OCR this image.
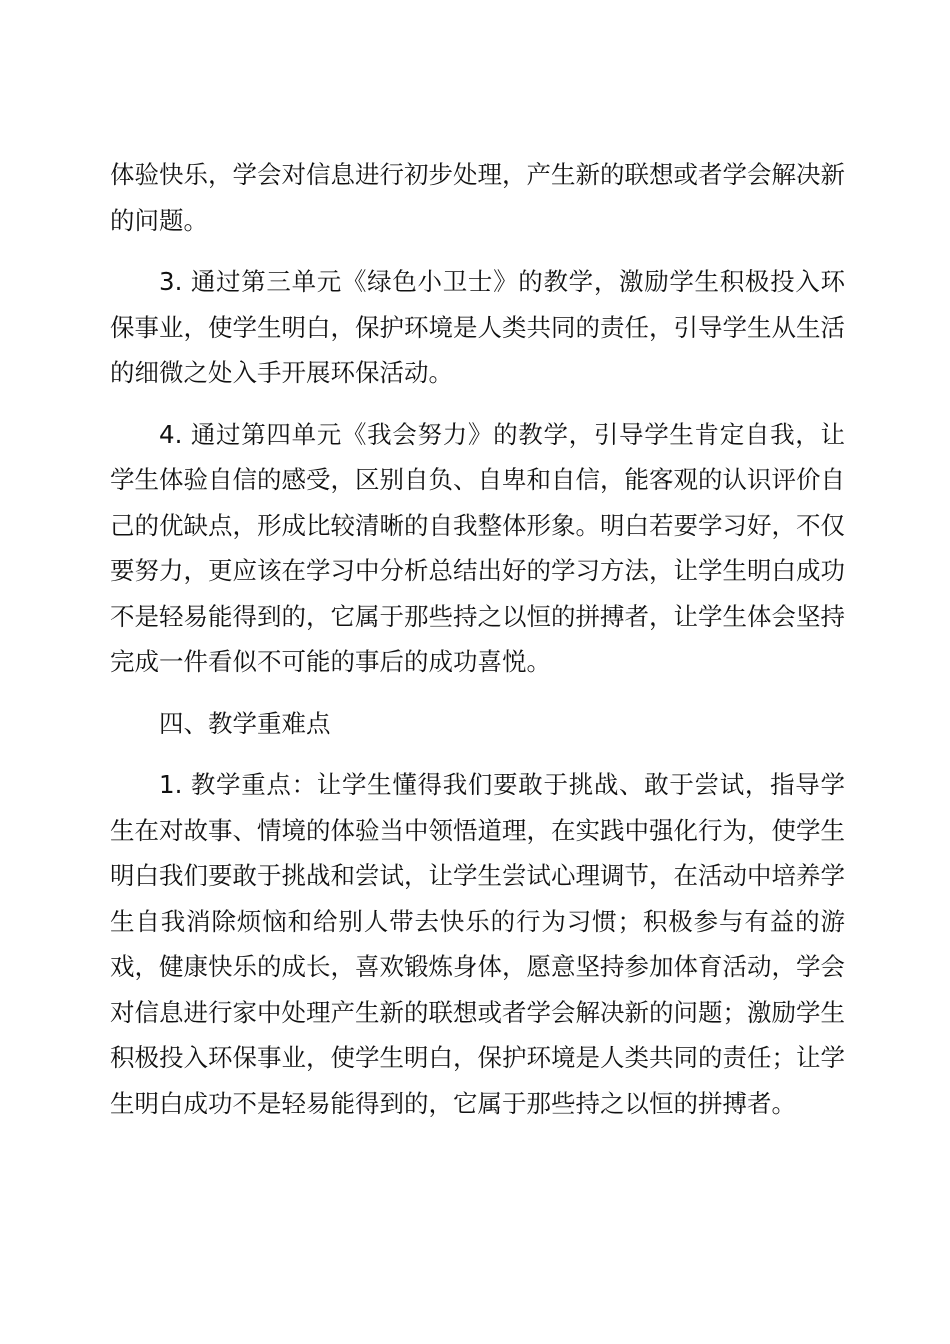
体验快乐，学会对信息进行初步处理，产生新的联想或者学会解决新的问题。

3. 通过第三单元《绿色小卫士》的教学，激励学生积极投入环保事业，使学生明白，保护环境是人类共同的责任，引导学生从生活的细微之处入手开展环保活动。

4. 通过第四单元《我会努力》的教学，引导学生肯定自我，让学生体验自信的感受，区别自负、自卑和自信，能客观的认识评价自己的优缺点，形成比较清晰的自我整体形象。明白若要学习好，不仅要努力，更应该在学习中分析总结出好的学习方法，让学生明白成功不是轻易能得到的，它属于那些持之以恒的拼搏者，让学生体会坚持完成一件看似不可能的事后的成功喜悦。

四、教学重难点

1. 教学重点：让学生懂得我们要敢于挑战、敢于尝试，指导学生在对故事、情境的体验当中领悟道理，在实践中强化行为，使学生明白我们要敢于挑战和尝试，让学生尝试心理调节，在活动中培养学生自我消除烦恼和给别人带去快乐的行为习惯；积极参与有益的游戏，健康快乐的成长，喜欢锻炼身体，愿意坚持参加体育活动，学会对信息进行家中处理产生新的联想或者学会解决新的问题；激励学生积极投入环保事业，使学生明白，保护环境是人类共同的责任；让学生明白成功不是轻易能得到的，它属于那些持之以恒的拼搏者。
